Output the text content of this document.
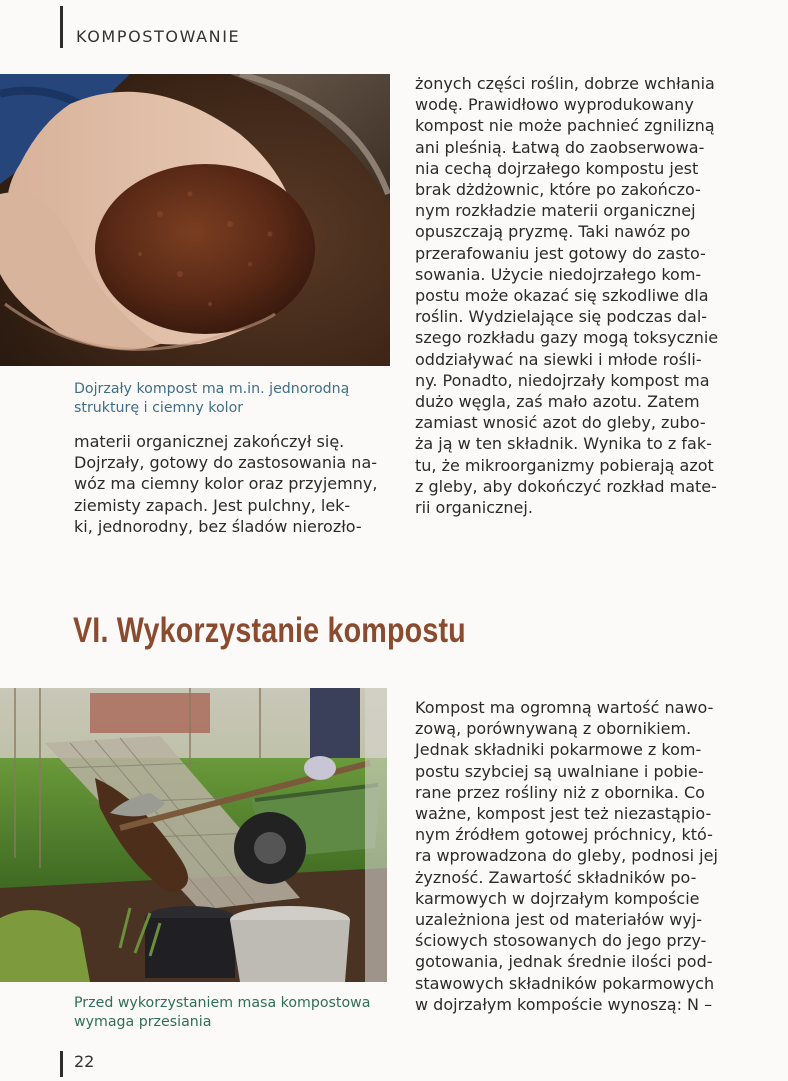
KOMPOSTOWANIE
Dojrzały kompost ma m.in. jednorodną strukturę i ciemny kolor
materii organicznej zakończył się.
Dojrzały, gotowy do zastosowania na-
wóz ma ciemny kolor oraz przyjemny,
ziemisty zapach. Jest pulchny, lek-
ki, jednorodny, bez śladów nierozło-
żonych części roślin, dobrze wchłania
wodę. Prawidłowo wyprodukowany
kompost nie może pachnieć zgnilizną
ani pleśnią. Łatwą do zaobserwowa-
nia cechą dojrzałego kompostu jest
brak dżdżownic, które po zakończo-
nym rozkładzie materii organicznej
opuszczają pryzmę. Taki nawóz po
przerafowaniu jest gotowy do zasto-
sowania. Użycie niedojrzałego kom-
postu może okazać się szkodliwe dla
roślin. Wydzielające się podczas dal-
szego rozkładu gazy mogą toksycznie
oddziaływać na siewki i młode rośli-
ny. Ponadto, niedojrzały kompost ma
dużo węgla, zaś mało azotu. Zatem
zamiast wnosić azot do gleby, zubo-
ża ją w ten składnik. Wynika to z fak-
tu, że mikroorganizmy pobierają azot
z gleby, aby dokończyć rozkład mate-
rii organicznej.
VI. Wykorzystanie kompostu
Przed wykorzystaniem masa kompostowa wymaga przesiania
Kompost ma ogromną wartość nawo-
zową, porównywaną z obornikiem.
Jednak składniki pokarmowe z kom-
postu szybciej są uwalniane i pobie-
rane przez rośliny niż z obornika. Co
ważne, kompost jest też niezastąpio-
nym źródłem gotowej próchnicy, któ-
ra wprowadzona do gleby, podnosi jej
żyzność. Zawartość składników po-
karmowych w dojrzałym kompoście
uzależniona jest od materiałów wyj-
ściowych stosowanych do jego przy-
gotowania, jednak średnie ilości pod-
stawowych składników pokarmowych
w dojrzałym kompoście wynoszą: N –
22
